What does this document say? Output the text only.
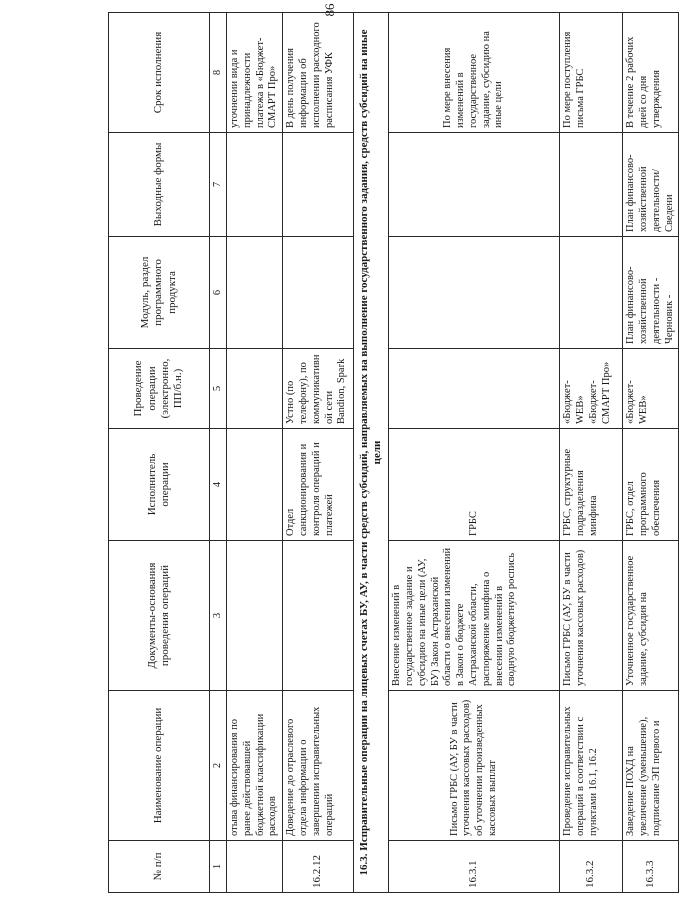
86
№ п/п	Наименование операции	Документы-основания проведения операций	Исполнитель операции	Проведение операции (электронно, ПП/б.н.)	Модуль, раздел программного продукта	Выходные формы	Срок исполнения
1	2	3	4	5	6	7	8
	отыва финансирования по ранее действовавшей бюджетной классификации расходов						уточнении вида и принадлежности платежа в «Бюджет-СМАРТ Про»
16.2.12	Доведение до отраслевого отдела информации о завершении исправительных операций		Отдел санкционирования и контроля операций и платежей	Устно (по телефону), по коммуникативной сети Bandion, Spark			В день получения информации об исполнении расходного расписания УФК
16.3. Исправительные операции на лицевых счетах БУ, АУ, в части средств субсидий, направляемых на выполнение государственного задания, средств субсидий на иные цели							
16.3.1	Письмо ГРБС (АУ, БУ в части уточнения кассовых расходов) об уточнении произведенных кассовых выплат	Внесение изменений в государственное задание и субсидию на иные цели (АУ, БУ) Закон Астраханской области о внесении изменений в Закон о бюджете Астраханской области, распоряжение минфина о внесении изменений в сводную бюджетную роспись	ГРБС				По мере внесения изменений в государственное задание, субсидию на иные цели
16.3.2	Проведение исправительных операций в соответствии с пунктами 16.1, 16.2	Письмо ГРБС (АУ, БУ в части уточнения кассовых расходов)	ГРБС, структурные подразделения минфина	«Бюджет-WEB» «Бюджет-СМАРТ Про»			По мере поступления письма ГРБС
16.3.3	Заведение ПОХД на увеличение (уменьшение), подписание ЭП первого и	Уточненное государственное задание, субсидия на	ГРБС, отдел программного обеспечения	«Бюджет-WEB»	План финансово-хозяйственной деятельности - Черновик -	План финансово-хозяйственной деятельности/Сведени	В течение 2 рабочих дней со дня утверждения
